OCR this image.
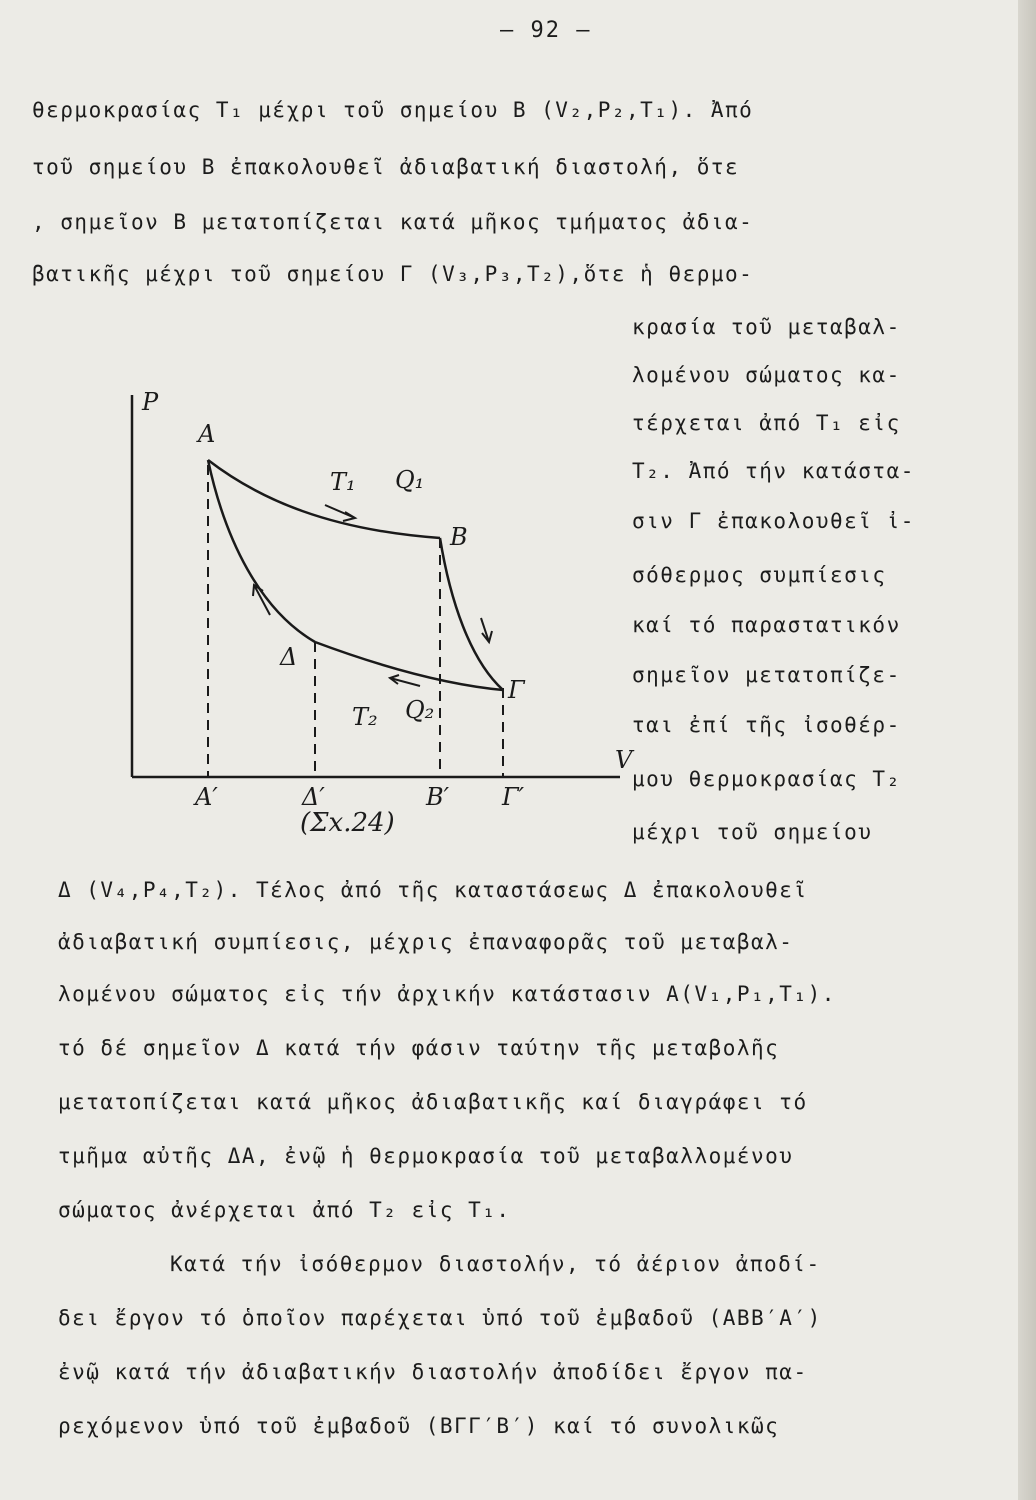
– 92 –
θερμοκρασίας T₁ μέχρι τοῦ σημείου B (V₂,P₂,T₁). Ἀπό
τοῦ σημείου B ἐπακολουθεῖ ἀδιαβατική διαστολή, ὅτε
, σημεῖον B μετατοπίζεται κατά μῆκος τμήματος ἀδια-
βατικῆς μέχρι τοῦ σημείου Γ (V₃,P₃,T₂),ὅτε ἡ θερμο-
κρασία τοῦ μεταβαλ-
λομένου σώματος κα-
τέρχεται ἀπό T₁ εἰς
T₂. Ἀπό τήν κατάστα-
σιν Γ ἐπακολουθεῖ ἰ-
σόθερμος συμπίεσις
καί τό παραστατικόν
σημεῖον μετατοπίζε-
ται ἐπί τῆς ἰσοθέρ-
μου θερμοκρασίας T₂
μέχρι τοῦ σημείου
P
V
A
B
Γ
Δ
T₁ Q₁
T₂ Q₂
A′	Δ′	B′ Γ′
(Σx.24)
Δ (V₄,P₄,T₂). Τέλος ἀπό τῆς καταστάσεως Δ ἐπακολουθεῖ
ἀδιαβατική συμπίεσις, μέχρις ἐπαναφορᾶς τοῦ μεταβαλ-
λομένου σώματος εἰς τήν ἀρχικήν κατάστασιν A(V₁,P₁,T₁).
τό δέ σημεῖον Δ κατά τήν φάσιν ταύτην τῆς μεταβολῆς
μετατοπίζεται κατά μῆκος ἀδιαβατικῆς καί διαγράφει τό
τμῆμα αὐτῆς ΔA, ἐνῷ ἡ θερμοκρασία τοῦ μεταβαλλομένου
σώματος ἀνέρχεται ἀπό T₂ εἰς T₁.
Κατά τήν ἰσόθερμον διαστολήν, τό ἀέριον ἀποδί-
δει ἔργον τό ὁποῖον παρέχεται ὑπό τοῦ ἐμβαδοῦ (ABB′A′)
ἐνῷ κατά τήν ἀδιαβατικήν διαστολήν ἀποδίδει ἔργον πα-
ρεχόμενον ὑπό τοῦ ἐμβαδοῦ (BΓΓ′B′) καί τό συνολικῶς
